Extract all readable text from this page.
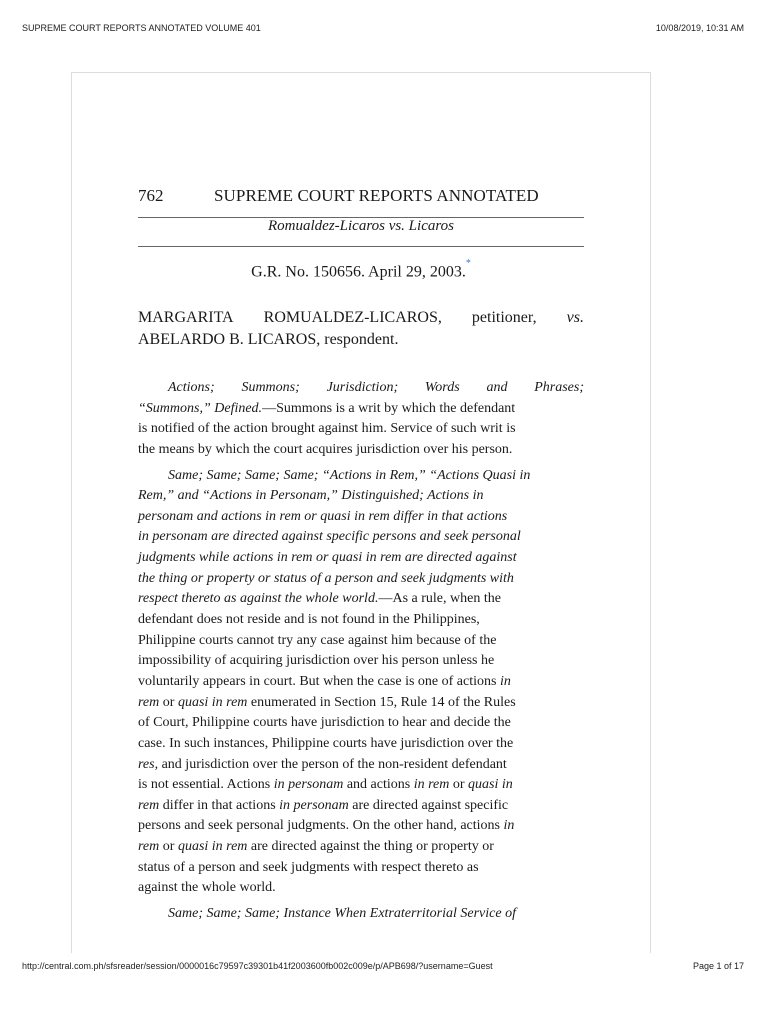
SUPREME COURT REPORTS ANNOTATED VOLUME 401	10/08/2019, 10:31 AM
762	SUPREME COURT REPORTS ANNOTATED
Romualdez-Licaros vs. Licaros
G.R. No. 150656. April 29, 2003.*
MARGARITA ROMUALDEZ-LICAROS, petitioner, vs.
ABELARDO B. LICAROS, respondent.
Actions; Summons; Jurisdiction; Words and Phrases;
“Summons,” Defined.—Summons is a writ by which the defendant
is notified of the action brought against him. Service of such writ is
the means by which the court acquires jurisdiction over his person.
Same; Same; Same; Same; “Actions in Rem,” “Actions Quasi in
Rem,” and “Actions in Personam,” Distinguished; Actions in
personam and actions in rem or quasi in rem differ in that actions
in personam are directed against specific persons and seek personal
judgments while actions in rem or quasi in rem are directed against
the thing or property or status of a person and seek judgments with
respect thereto as against the whole world.—As a rule, when the
defendant does not reside and is not found in the Philippines,
Philippine courts cannot try any case against him because of the
impossibility of acquiring jurisdiction over his person unless he
voluntarily appears in court. But when the case is one of actions in
rem or quasi in rem enumerated in Section 15, Rule 14 of the Rules
of Court, Philippine courts have jurisdiction to hear and decide the
case. In such instances, Philippine courts have jurisdiction over the
res, and jurisdiction over the person of the non-resident defendant
is not essential. Actions in personam and actions in rem or quasi in
rem differ in that actions in personam are directed against specific
persons and seek personal judgments. On the other hand, actions in
rem or quasi in rem are directed against the thing or property or
status of a person and seek judgments with respect thereto as
against the whole world.
Same; Same; Same; Instance When Extraterritorial Service of
http://central.com.ph/sfsreader/session/0000016c79597c39301b41f2003600fb002c009e/p/APB698/?username=Guest	Page 1 of 17
